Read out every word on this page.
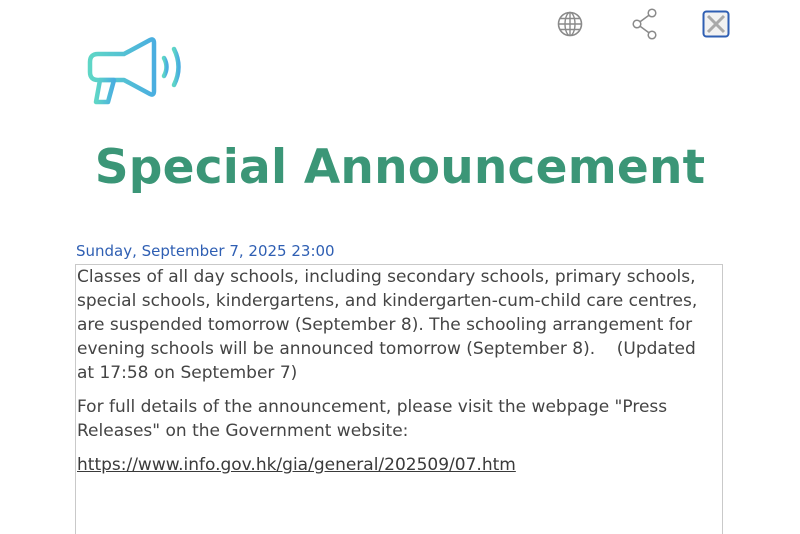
Special Announcement
Sunday, September 7, 2025 23:00

Classes of all day schools, including secondary schools, primary schools, special schools, kindergartens, and kindergarten-cum-child care centres, are suspended tomorrow (September 8). The schooling arrangement for evening schools will be announced tomorrow (September 8).    (Updated at 17:58 on September 7)

For full details of the announcement, please visit the webpage "Press Releases" on the Government website:

https://www.info.gov.hk/gia/general/202509/07.htm
